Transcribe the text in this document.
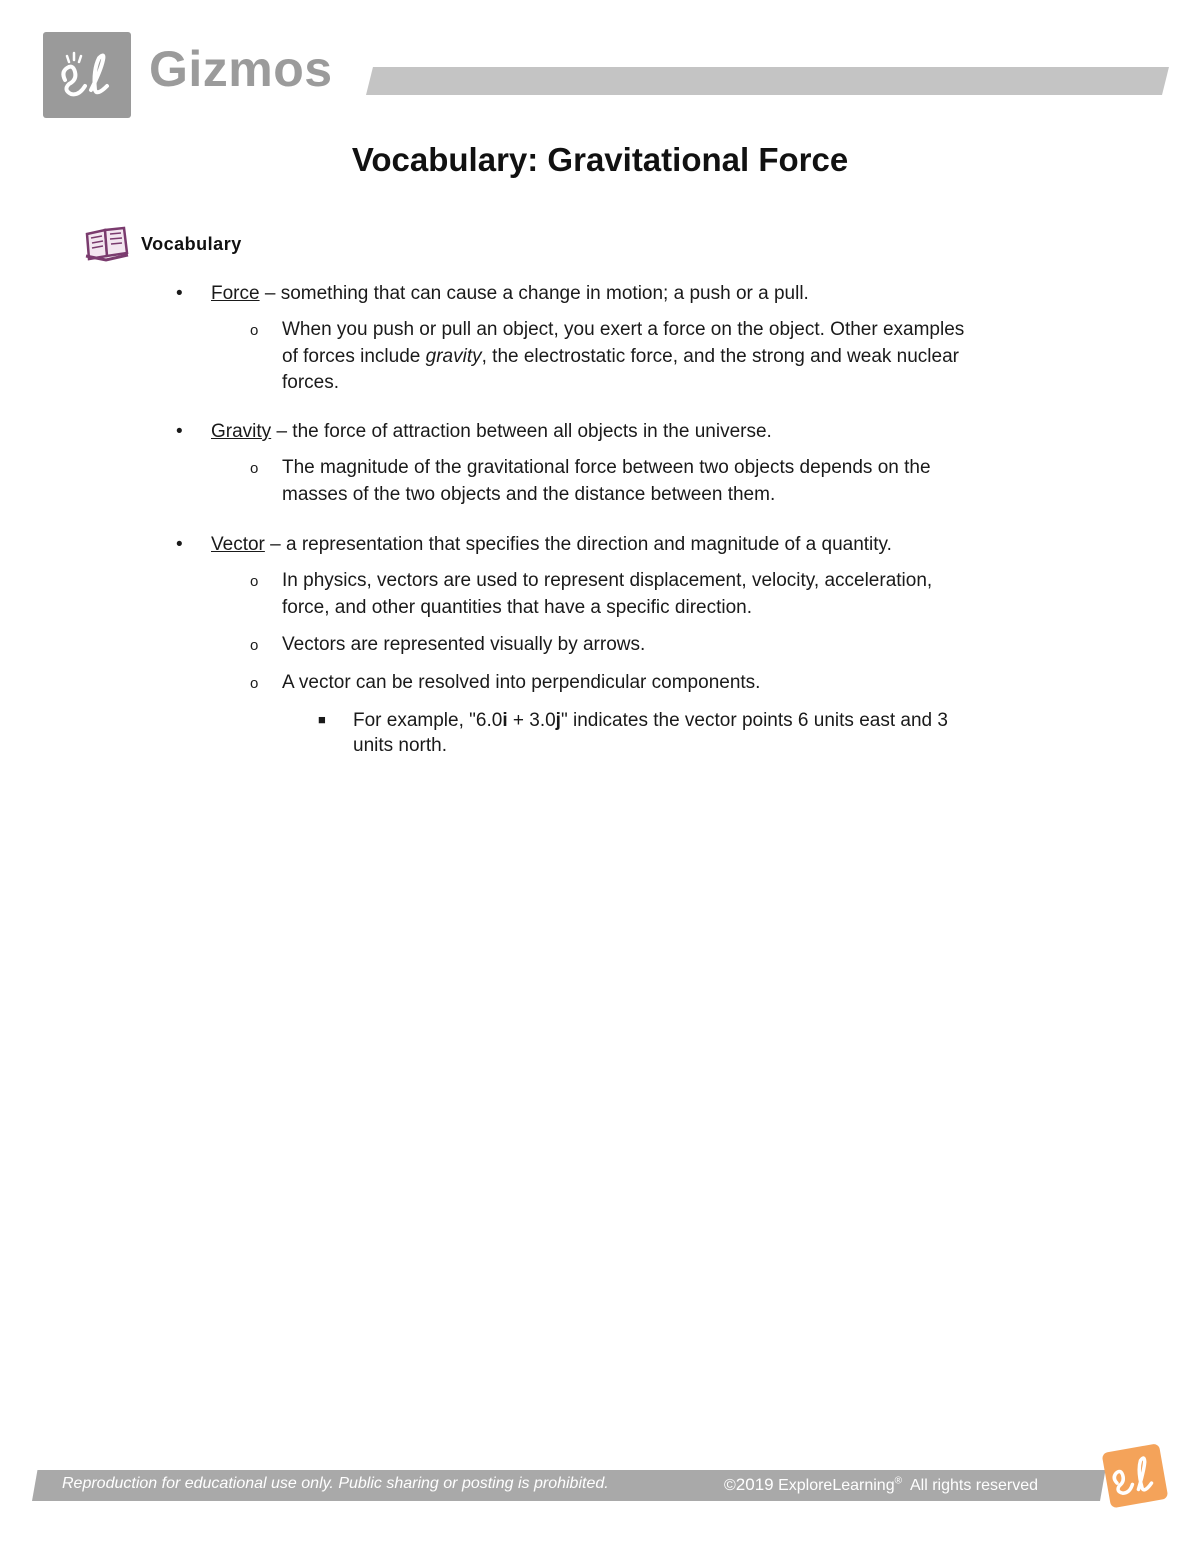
Gizmos
Vocabulary: Gravitational Force
Vocabulary
• Force – something that can cause a change in motion; a push or a pull.
o When you push or pull an object, you exert a force on the object. Other examples
of forces include gravity, the electrostatic force, and the strong and weak nuclear
forces.
• Gravity – the force of attraction between all objects in the universe.
o The magnitude of the gravitational force between two objects depends on the
masses of the two objects and the distance between them.
• Vector – a representation that specifies the direction and magnitude of a quantity.
o In physics, vectors are used to represent displacement, velocity, acceleration,
force, and other quantities that have a specific direction.
o Vectors are represented visually by arrows.
o A vector can be resolved into perpendicular components.
■ For example, "6.0i + 3.0j" indicates the vector points 6 units east and 3
units north.
Reproduction for educational use only. Public sharing or posting is prohibited.	©2019 ExploreLearning®  All rights reserved
